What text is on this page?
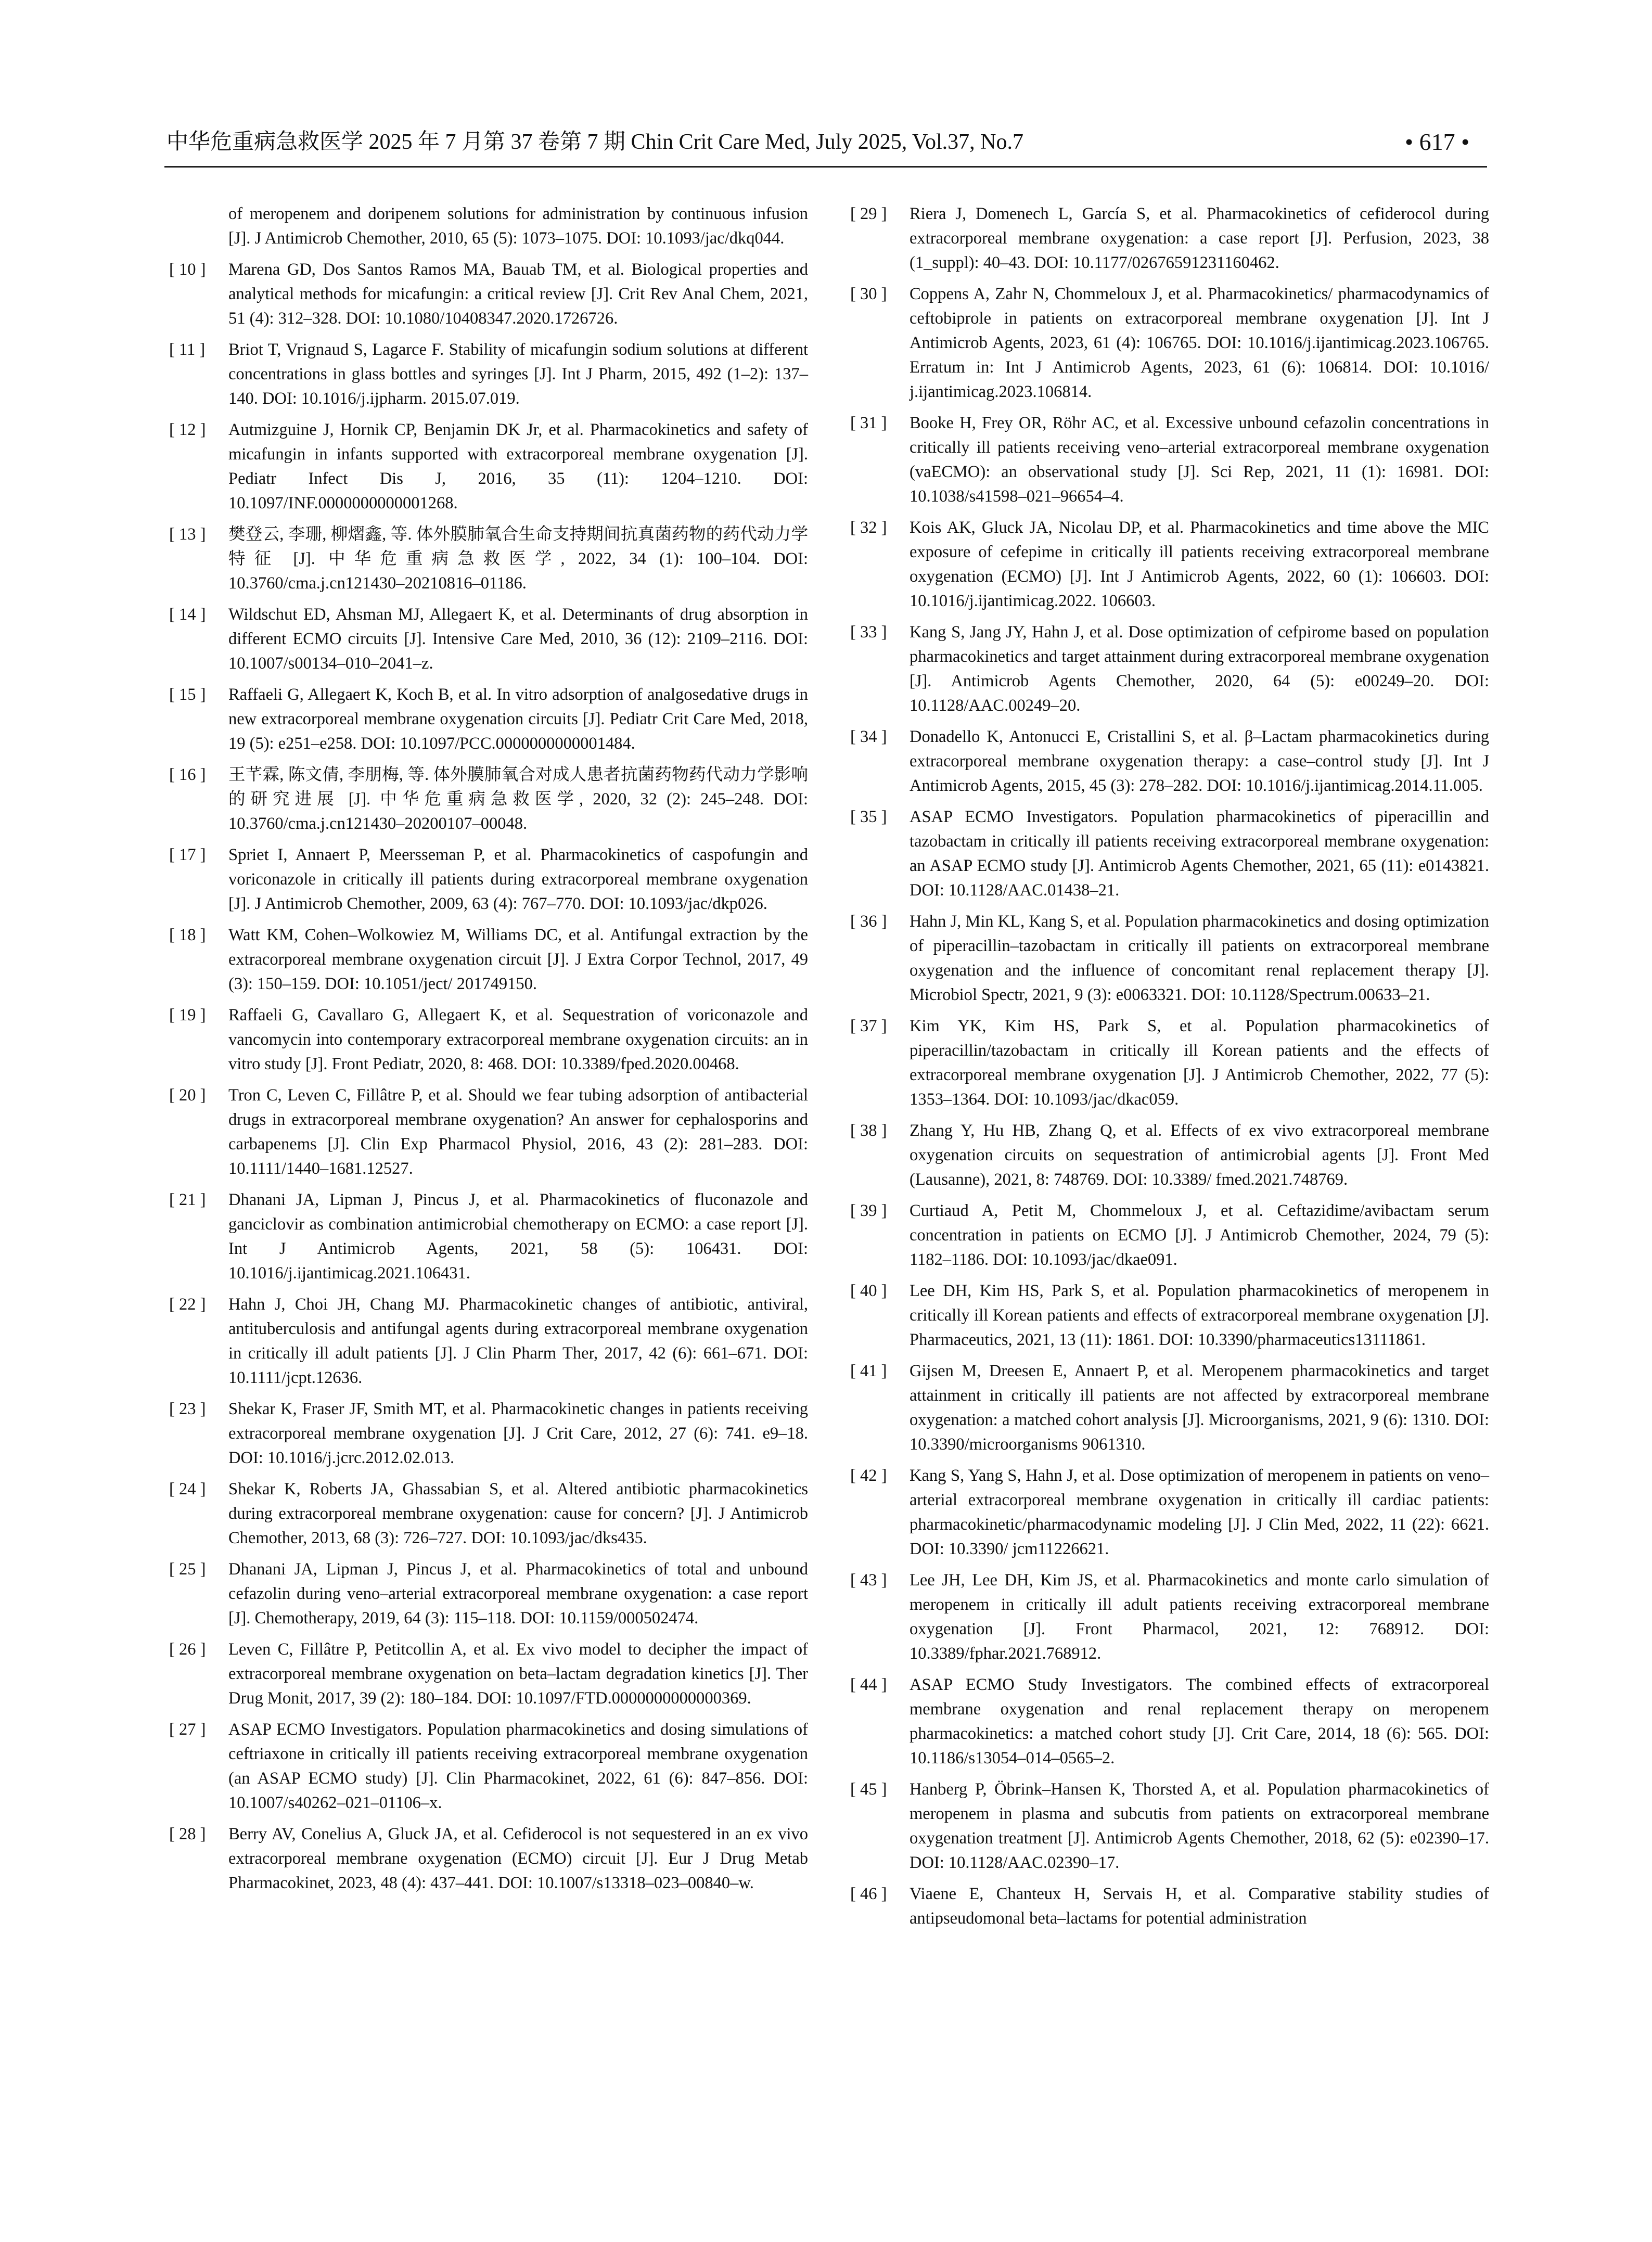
中华危重病急救医学 2025 年 7 月第 37 卷第 7 期 Chin Crit Care Med, July 2025, Vol.37, No.7	• 617 •
of meropenem and doripenem solutions for administration by continuous infusion [J]. J Antimicrob Chemother, 2010, 65 (5): 1073–1075. DOI: 10.1093/jac/dkq044.
[ 10 ]	Marena GD, Dos Santos Ramos MA, Bauab TM, et al. Biological properties and analytical methods for micafungin: a critical review [J]. Crit Rev Anal Chem, 2021, 51 (4): 312–328. DOI: 10.1080/10408347.2020.1726726.
[ 11 ]	Briot T, Vrignaud S, Lagarce F. Stability of micafungin sodium solutions at different concentrations in glass bottles and syringes [J]. Int J Pharm, 2015, 492 (1–2): 137–140. DOI: 10.1016/j.ijpharm. 2015.07.019.
[ 12 ]	Autmizguine J, Hornik CP, Benjamin DK Jr, et al. Pharmacokinetics and safety of micafungin in infants supported with extracorporeal membrane oxygenation [J]. Pediatr Infect Dis J, 2016, 35 (11): 1204–1210. DOI: 10.1097/INF.0000000000001268.
[ 13 ]	樊登云, 李珊, 柳熠鑫, 等. 体外膜肺氧合生命支持期间抗真菌药物的药代动力学特征 [J]. 中华危重病急救医学, 2022, 34 (1): 100–104. DOI: 10.3760/cma.j.cn121430–20210816–01186.
[ 14 ]	Wildschut ED, Ahsman MJ, Allegaert K, et al. Determinants of drug absorption in different ECMO circuits [J]. Intensive Care Med, 2010, 36 (12): 2109–2116. DOI: 10.1007/s00134–010–2041–z.
[ 15 ]	Raffaeli G, Allegaert K, Koch B, et al. In vitro adsorption of analgosedative drugs in new extracorporeal membrane oxygenation circuits [J]. Pediatr Crit Care Med, 2018, 19 (5): e251–e258. DOI: 10.1097/PCC.0000000000001484.
[ 16 ]	王芊霖, 陈文倩, 李朋梅, 等. 体外膜肺氧合对成人患者抗菌药物药代动力学影响的研究进展 [J]. 中华危重病急救医学, 2020, 32 (2): 245–248. DOI: 10.3760/cma.j.cn121430–20200107–00048.
[ 17 ]	Spriet I, Annaert P, Meersseman P, et al. Pharmacokinetics of caspofungin and voriconazole in critically ill patients during extracorporeal membrane oxygenation [J]. J Antimicrob Chemother, 2009, 63 (4): 767–770. DOI: 10.1093/jac/dkp026.
[ 18 ]	Watt KM, Cohen–Wolkowiez M, Williams DC, et al. Antifungal extraction by the extracorporeal membrane oxygenation circuit [J]. J Extra Corpor Technol, 2017, 49 (3): 150–159. DOI: 10.1051/ject/ 201749150.
[ 19 ]	Raffaeli G, Cavallaro G, Allegaert K, et al. Sequestration of voriconazole and vancomycin into contemporary extracorporeal membrane oxygenation circuits: an in vitro study [J]. Front Pediatr, 2020, 8: 468. DOI: 10.3389/fped.2020.00468.
[ 20 ]	Tron C, Leven C, Fillâtre P, et al. Should we fear tubing adsorption of antibacterial drugs in extracorporeal membrane oxygenation? An answer for cephalosporins and carbapenems [J]. Clin Exp Pharmacol Physiol, 2016, 43 (2): 281–283. DOI: 10.1111/1440–1681.12527.
[ 21 ]	Dhanani JA, Lipman J, Pincus J, et al. Pharmacokinetics of fluconazole and ganciclovir as combination antimicrobial chemotherapy on ECMO: a case report [J]. Int J Antimicrob Agents, 2021, 58 (5): 106431. DOI: 10.1016/j.ijantimicag.2021.106431.
[ 22 ]	Hahn J, Choi JH, Chang MJ. Pharmacokinetic changes of antibiotic, antiviral, antituberculosis and antifungal agents during extracorporeal membrane oxygenation in critically ill adult patients [J]. J Clin Pharm Ther, 2017, 42 (6): 661–671. DOI: 10.1111/jcpt.12636.
[ 23 ]	Shekar K, Fraser JF, Smith MT, et al. Pharmacokinetic changes in patients receiving extracorporeal membrane oxygenation [J]. J Crit Care, 2012, 27 (6): 741. e9–18. DOI: 10.1016/j.jcrc.2012.02.013.
[ 24 ]	Shekar K, Roberts JA, Ghassabian S, et al. Altered antibiotic pharmacokinetics during extracorporeal membrane oxygenation: cause for concern? [J]. J Antimicrob Chemother, 2013, 68 (3): 726–727. DOI: 10.1093/jac/dks435.
[ 25 ]	Dhanani JA, Lipman J, Pincus J, et al. Pharmacokinetics of total and unbound cefazolin during veno–arterial extracorporeal membrane oxygenation: a case report [J]. Chemotherapy, 2019, 64 (3): 115–118. DOI: 10.1159/000502474.
[ 26 ]	Leven C, Fillâtre P, Petitcollin A, et al. Ex vivo model to decipher the impact of extracorporeal membrane oxygenation on beta–lactam degradation kinetics [J]. Ther Drug Monit, 2017, 39 (2): 180–184. DOI: 10.1097/FTD.0000000000000369.
[ 27 ]	ASAP ECMO Investigators. Population pharmacokinetics and dosing simulations of ceftriaxone in critically ill patients receiving extracorporeal membrane oxygenation (an ASAP ECMO study) [J]. Clin Pharmacokinet, 2022, 61 (6): 847–856. DOI: 10.1007/s40262–021–01106–x.
[ 28 ]	Berry AV, Conelius A, Gluck JA, et al. Cefiderocol is not sequestered in an ex vivo extracorporeal membrane oxygenation (ECMO) circuit [J]. Eur J Drug Metab Pharmacokinet, 2023, 48 (4): 437–441. DOI: 10.1007/s13318–023–00840–w.
[ 29 ]	Riera J, Domenech L, García S, et al. Pharmacokinetics of cefiderocol during extracorporeal membrane oxygenation: a case report [J]. Perfusion, 2023, 38 (1_suppl): 40–43. DOI: 10.1177/02676591231160462.
[ 30 ]	Coppens A, Zahr N, Chommeloux J, et al. Pharmacokinetics/ pharmacodynamics of ceftobiprole in patients on extracorporeal membrane oxygenation [J]. Int J Antimicrob Agents, 2023, 61 (4): 106765. DOI: 10.1016/j.ijantimicag.2023.106765. Erratum in: Int J Antimicrob Agents, 2023, 61 (6): 106814. DOI: 10.1016/ j.ijantimicag.2023.106814.
[ 31 ]	Booke H, Frey OR, Röhr AC, et al. Excessive unbound cefazolin concentrations in critically ill patients receiving veno–arterial extracorporeal membrane oxygenation (vaECMO): an observational study [J]. Sci Rep, 2021, 11 (1): 16981. DOI: 10.1038/s41598–021–96654–4.
[ 32 ]	Kois AK, Gluck JA, Nicolau DP, et al. Pharmacokinetics and time above the MIC exposure of cefepime in critically ill patients receiving extracorporeal membrane oxygenation (ECMO) [J]. Int J Antimicrob Agents, 2022, 60 (1): 106603. DOI: 10.1016/j.ijantimicag.2022. 106603.
[ 33 ]	Kang S, Jang JY, Hahn J, et al. Dose optimization of cefpirome based on population pharmacokinetics and target attainment during extracorporeal membrane oxygenation [J]. Antimicrob Agents Chemother, 2020, 64 (5): e00249–20. DOI: 10.1128/AAC.00249–20.
[ 34 ]	Donadello K, Antonucci E, Cristallini S, et al. β–Lactam pharmacokinetics during extracorporeal membrane oxygenation therapy: a case–control study [J]. Int J Antimicrob Agents, 2015, 45 (3): 278–282. DOI: 10.1016/j.ijantimicag.2014.11.005.
[ 35 ]	ASAP ECMO Investigators. Population pharmacokinetics of piperacillin and tazobactam in critically ill patients receiving extracorporeal membrane oxygenation: an ASAP ECMO study [J]. Antimicrob Agents Chemother, 2021, 65 (11): e0143821. DOI: 10.1128/AAC.01438–21.
[ 36 ]	Hahn J, Min KL, Kang S, et al. Population pharmacokinetics and dosing optimization of piperacillin–tazobactam in critically ill patients on extracorporeal membrane oxygenation and the influence of concomitant renal replacement therapy [J]. Microbiol Spectr, 2021, 9 (3): e0063321. DOI: 10.1128/Spectrum.00633–21.
[ 37 ]	Kim YK, Kim HS, Park S, et al. Population pharmacokinetics of piperacillin/tazobactam in critically ill Korean patients and the effects of extracorporeal membrane oxygenation [J]. J Antimicrob Chemother, 2022, 77 (5): 1353–1364. DOI: 10.1093/jac/dkac059.
[ 38 ]	Zhang Y, Hu HB, Zhang Q, et al. Effects of ex vivo extracorporeal membrane oxygenation circuits on sequestration of antimicrobial agents [J]. Front Med (Lausanne), 2021, 8: 748769. DOI: 10.3389/ fmed.2021.748769.
[ 39 ]	Curtiaud A, Petit M, Chommeloux J, et al. Ceftazidime/avibactam serum concentration in patients on ECMO [J]. J Antimicrob Chemother, 2024, 79 (5): 1182–1186. DOI: 10.1093/jac/dkae091.
[ 40 ]	Lee DH, Kim HS, Park S, et al. Population pharmacokinetics of meropenem in critically ill Korean patients and effects of extracorporeal membrane oxygenation [J]. Pharmaceutics, 2021, 13 (11): 1861. DOI: 10.3390/pharmaceutics13111861.
[ 41 ]	Gijsen M, Dreesen E, Annaert P, et al. Meropenem pharmacokinetics and target attainment in critically ill patients are not affected by extracorporeal membrane oxygenation: a matched cohort analysis [J]. Microorganisms, 2021, 9 (6): 1310. DOI: 10.3390/microorganisms 9061310.
[ 42 ]	Kang S, Yang S, Hahn J, et al. Dose optimization of meropenem in patients on veno–arterial extracorporeal membrane oxygenation in critically ill cardiac patients: pharmacokinetic/pharmacodynamic modeling [J]. J Clin Med, 2022, 11 (22): 6621. DOI: 10.3390/ jcm11226621.
[ 43 ]	Lee JH, Lee DH, Kim JS, et al. Pharmacokinetics and monte carlo simulation of meropenem in critically ill adult patients receiving extracorporeal membrane oxygenation [J]. Front Pharmacol, 2021, 12: 768912. DOI: 10.3389/fphar.2021.768912.
[ 44 ]	ASAP ECMO Study Investigators. The combined effects of extracorporeal membrane oxygenation and renal replacement therapy on meropenem pharmacokinetics: a matched cohort study [J]. Crit Care, 2014, 18 (6): 565. DOI: 10.1186/s13054–014–0565–2.
[ 45 ]	Hanberg P, Öbrink–Hansen K, Thorsted A, et al. Population pharmacokinetics of meropenem in plasma and subcutis from patients on extracorporeal membrane oxygenation treatment [J]. Antimicrob Agents Chemother, 2018, 62 (5): e02390–17. DOI: 10.1128/AAC.02390–17.
[ 46 ]	Viaene E, Chanteux H, Servais H, et al. Comparative stability studies of antipseudomonal beta–lactams for potential administration
